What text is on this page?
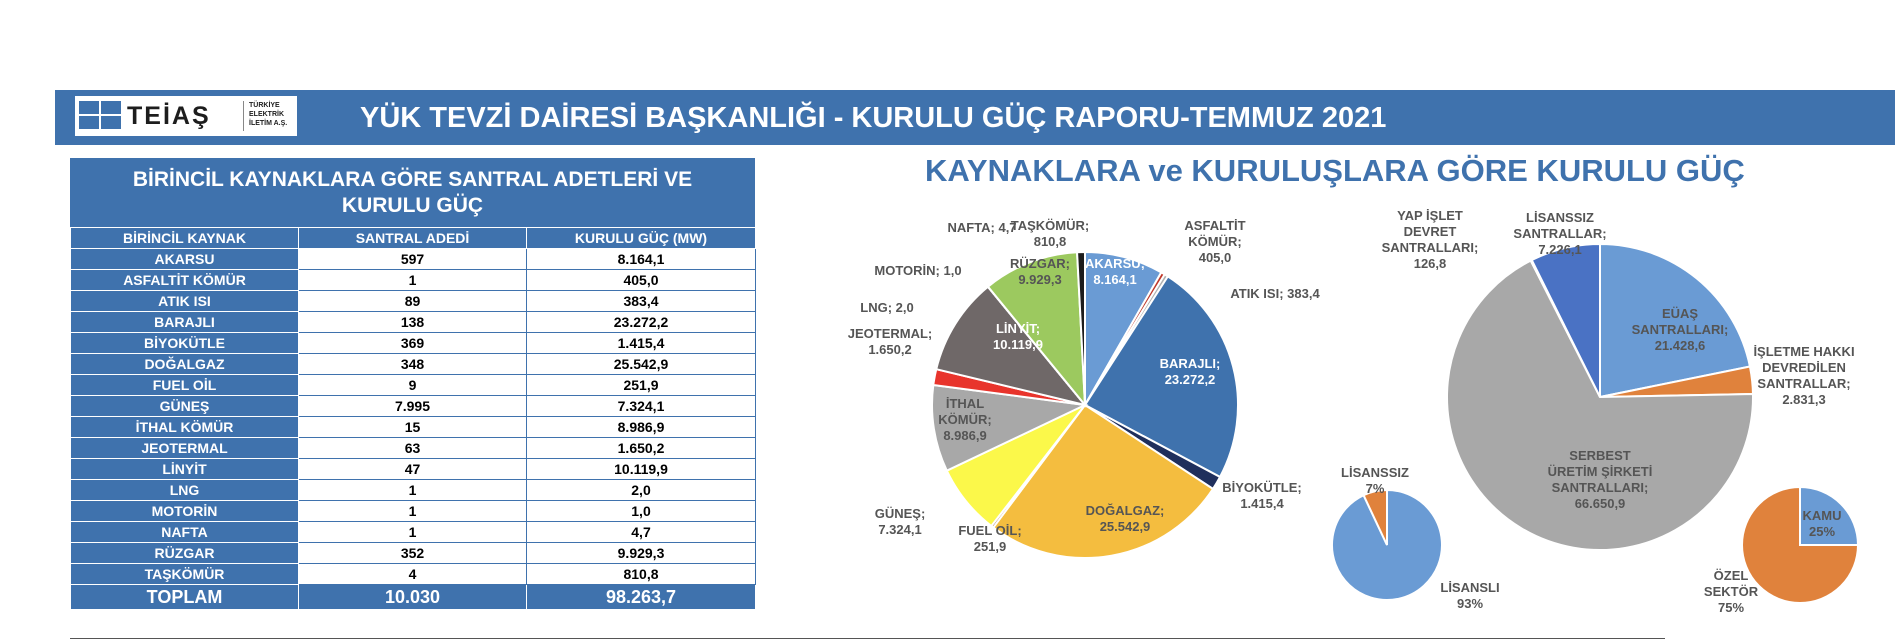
TEİAŞ	TÜRKİYE
ELEKTRİK
İLETİM A.Ş.	YÜK TEVZİ DAİRESİ BAŞKANLIĞI - KURULU GÜÇ RAPORU-TEMMUZ 2021
BİRİNCİL KAYNAKLARA GÖRE SANTRAL ADETLERİ VE
KURULU GÜÇ
BİRİNCİL KAYNAK	SANTRAL ADEDİ	KURULU GÜÇ (MW)
AKARSU	597	8.164,1
ASFALTİT KÖMÜR	1	405,0
ATIK ISI	89	383,4
BARAJLI	138	23.272,2
BİYOKÜTLE	369	1.415,4
DOĞALGAZ	348	25.542,9
FUEL OİL	9	251,9
GÜNEŞ	7.995	7.324,1
İTHAL KÖMÜR	15	8.986,9
JEOTERMAL	63	1.650,2
LİNYİT	47	10.119,9
LNG	1	2,0
MOTORİN	1	1,0
NAFTA	1	4,7
RÜZGAR	352	9.929,3
TAŞKÖMÜR	4	810,8
TOPLAM	10.030	98.263,7
KAYNAKLARA ve KURULUŞLARA GÖRE KURULU GÜÇ
AKARSU; 8.164,1
ASFALTİT KÖMÜR; 405,0
ATIK ISI; 383,4
BARAJLI; 23.272,2
BİYOKÜTLE; 1.415,4
DOĞALGAZ; 25.542,9
FUEL OİL; 251,9
GÜNEŞ; 7.324,1
İTHAL KÖMÜR; 8.986,9
JEOTERMAL; 1.650,2
LİNYİT; 10.119,9
LNG; 2,0
MOTORİN; 1,0
NAFTA; 4,7
RÜZGAR; 9.929,3
TAŞKÖMÜR; 810,8
EÜAŞ SANTRALLARI; 21.428,6	İŞLETME HAKKI DEVREDİLEN SANTRALLAR; 2.831,3
SERBEST ÜRETİM ŞİRKETİ SANTRALLARI; 66.650,9
YAP İŞLET DEVRET SANTRALLARI; 126,8
LİSANSSIZ SANTRALLAR; 7.226,1
LİSANSLI 93%
LİSANSSIZ 7%
KAMU 25%
ÖZEL SEKTÖR 75%
